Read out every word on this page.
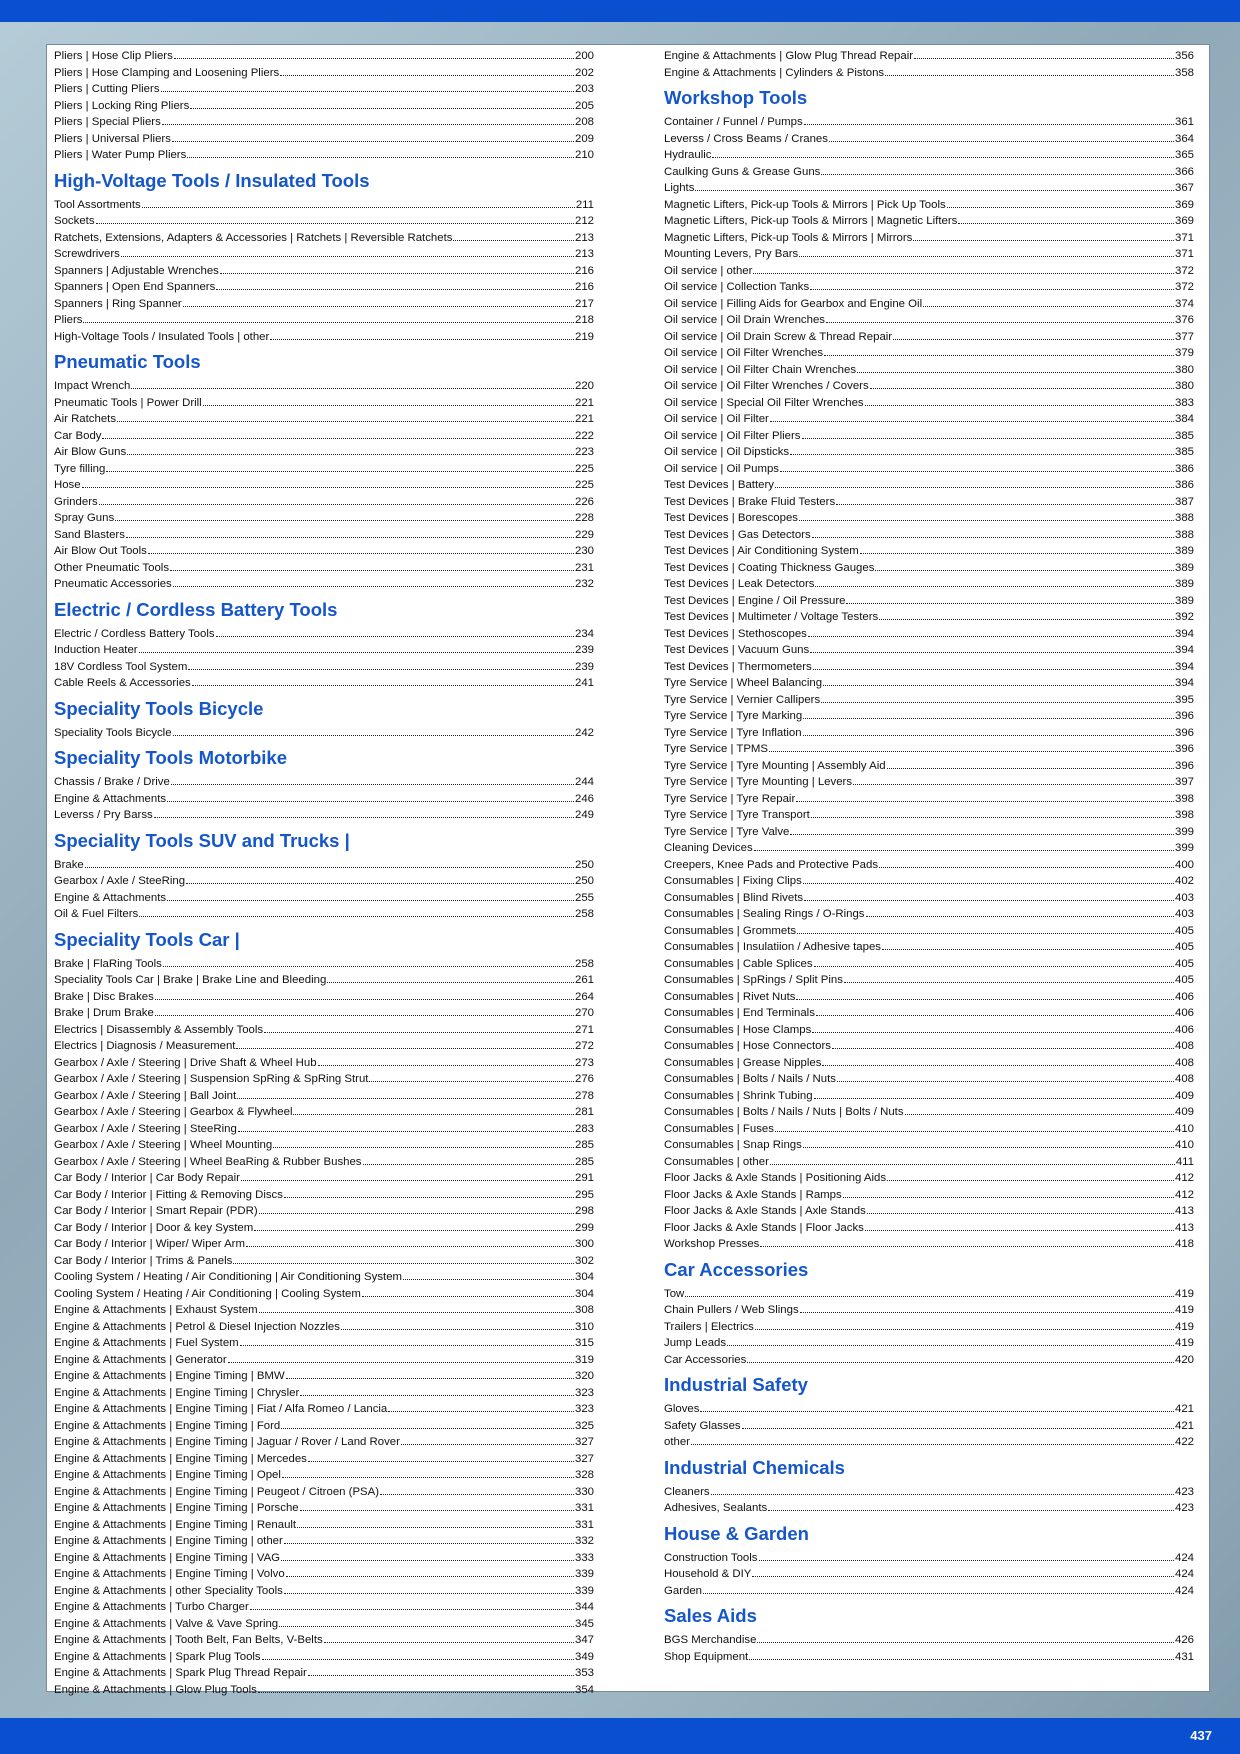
Pliers | Hose Clip Pliers	200
Pliers | Hose Clamping and Loosening Pliers	202
Pliers | Cutting Pliers	203
Pliers | Locking Ring Pliers	205
Pliers | Special Pliers	208
Pliers | Universal Pliers	209
Pliers | Water Pump Pliers	210
High-Voltage Tools / Insulated Tools
Tool Assortments	211
Sockets	212
Ratchets, Extensions, Adapters & Accessories | Ratchets | Reversible Ratchets	213
Screwdrivers	213
Spanners | Adjustable Wrenches	216
Spanners | Open End Spanners	216
Spanners | Ring Spanner	217
Pliers	218
High-Voltage Tools / Insulated Tools | other	219
Pneumatic Tools
Impact Wrench	220
Pneumatic Tools | Power Drill	221
Air Ratchets	221
Car Body	222
Air Blow Guns	223
Tyre filling	225
Hose	225
Grinders	226
Spray Guns	228
Sand Blasters	229
Air Blow Out Tools	230
Other Pneumatic Tools	231
Pneumatic Accessories	232
Electric / Cordless Battery Tools
Electric / Cordless Battery Tools	234
Induction Heater	239
18V Cordless Tool System	239
Cable Reels & Accessories	241
Speciality Tools Bicycle
Speciality Tools Bicycle	242
Speciality Tools Motorbike
Chassis / Brake / Drive	244
Engine & Attachments	246
Leverss / Pry Barss	249
Speciality Tools SUV and Trucks |
Brake	250
Gearbox / Axle / SteeRing	250
Engine & Attachments	255
Oil & Fuel Filters	258
Speciality Tools Car |
Brake | FlaRing Tools	258
Speciality Tools Car | Brake | Brake Line and Bleeding	261
Brake | Disc Brakes	264
Brake | Drum Brake	270
Electrics | Disassembly & Assembly Tools	271
Electrics | Diagnosis / Measurement	272
Gearbox / Axle / Steering | Drive Shaft & Wheel Hub	273
Gearbox / Axle / Steering | Suspension SpRing & SpRing Strut	276
Gearbox / Axle / Steering | Ball Joint	278
Gearbox / Axle / Steering | Gearbox & Flywheel	281
Gearbox / Axle / Steering | SteeRing	283
Gearbox / Axle / Steering | Wheel Mounting	285
Gearbox / Axle / Steering | Wheel BeaRing & Rubber Bushes	285
Car Body / Interior | Car Body Repair	291
Car Body / Interior | Fitting & Removing Discs	295
Car Body / Interior | Smart Repair (PDR)	298
Car Body / Interior | Door & key System	299
Car Body / Interior | Wiper/ Wiper Arm	300
Car Body / Interior | Trims & Panels	302
Cooling System / Heating / Air Conditioning | Air Conditioning System	304
Cooling System / Heating / Air Conditioning | Cooling System	304
Engine & Attachments | Exhaust System	308
Engine & Attachments | Petrol & Diesel Injection Nozzles	310
Engine & Attachments | Fuel System	315
Engine & Attachments | Generator	319
Engine & Attachments | Engine Timing | BMW	320
Engine & Attachments | Engine Timing | Chrysler	323
Engine & Attachments | Engine Timing | Fiat / Alfa Romeo / Lancia	323
Engine & Attachments | Engine Timing | Ford	325
Engine & Attachments | Engine Timing | Jaguar / Rover / Land Rover	327
Engine & Attachments | Engine Timing | Mercedes	327
Engine & Attachments | Engine Timing | Opel	328
Engine & Attachments | Engine Timing | Peugeot / Citroen (PSA)	330
Engine & Attachments | Engine Timing | Porsche	331
Engine & Attachments | Engine Timing | Renault	331
Engine & Attachments | Engine Timing | other	332
Engine & Attachments | Engine Timing | VAG	333
Engine & Attachments | Engine Timing | Volvo	339
Engine & Attachments | other Speciality Tools	339
Engine & Attachments | Turbo Charger	344
Engine & Attachments | Valve & Vave Spring	345
Engine & Attachments | Tooth Belt, Fan Belts, V-Belts	347
Engine & Attachments | Spark Plug Tools	349
Engine & Attachments | Spark Plug Thread Repair	353
Engine & Attachments | Glow Plug Tools	354
Engine & Attachments | Glow Plug Thread Repair	356
Engine & Attachments | Cylinders & Pistons	358
Workshop Tools
Container / Funnel / Pumps	361
Leverss / Cross Beams / Cranes	364
Hydraulic	365
Caulking Guns & Grease Guns	366
Lights	367
Magnetic Lifters, Pick-up Tools & Mirrors | Pick Up Tools	369
Magnetic Lifters, Pick-up Tools & Mirrors | Magnetic Lifters	369
Magnetic Lifters, Pick-up Tools & Mirrors | Mirrors	371
Mounting Levers, Pry Bars	371
Oil service | other	372
Oil service | Collection Tanks	372
Oil service | Filling Aids for Gearbox and Engine Oil	374
Oil service | Oil Drain Wrenches	376
Oil service | Oil Drain Screw & Thread Repair	377
Oil service | Oil Filter Wrenches	379
Oil service | Oil Filter Chain Wrenches	380
Oil service | Oil Filter Wrenches / Covers	380
Oil service | Special Oil Filter Wrenches	383
Oil service | Oil Filter	384
Oil service | Oil Filter Pliers	385
Oil service | Oil Dipsticks	385
Oil service | Oil Pumps	386
Test Devices | Battery	386
Test Devices | Brake Fluid Testers	387
Test Devices | Borescopes	388
Test Devices | Gas Detectors	388
Test Devices | Air Conditioning System	389
Test Devices | Coating Thickness Gauges	389
Test Devices | Leak Detectors	389
Test Devices | Engine / Oil Pressure	389
Test Devices | Multimeter / Voltage Testers	392
Test Devices | Stethoscopes	394
Test Devices | Vacuum Guns	394
Test Devices | Thermometers	394
Tyre Service | Wheel Balancing	394
Tyre Service | Vernier Callipers	395
Tyre Service | Tyre Marking	396
Tyre Service | Tyre Inflation	396
Tyre Service | TPMS	396
Tyre Service | Tyre Mounting | Assembly Aid	396
Tyre Service | Tyre Mounting | Levers	397
Tyre Service | Tyre Repair	398
Tyre Service | Tyre Transport	398
Tyre Service | Tyre Valve	399
Cleaning Devices	399
Creepers, Knee Pads and Protective Pads	400
Consumables | Fixing Clips	402
Consumables | Blind Rivets	403
Consumables | Sealing Rings / O-Rings	403
Consumables | Grommets	405
Consumables | Insulatiion / Adhesive tapes	405
Consumables | Cable Splices	405
Consumables | SpRings / Split Pins	405
Consumables | Rivet Nuts	406
Consumables | End Terminals	406
Consumables | Hose Clamps	406
Consumables | Hose Connectors	408
Consumables | Grease Nipples	408
Consumables | Bolts / Nails / Nuts	408
Consumables | Shrink Tubing	409
Consumables | Bolts / Nails / Nuts | Bolts / Nuts	409
Consumables | Fuses	410
Consumables | Snap Rings	410
Consumables | other	411
Floor Jacks & Axle Stands | Positioning Aids	412
Floor Jacks & Axle Stands | Ramps	412
Floor Jacks & Axle Stands | Axle Stands	413
Floor Jacks & Axle Stands | Floor Jacks	413
Workshop Presses	418
Car Accessories
Tow	419
Chain Pullers / Web Slings	419
Trailers | Electrics	419
Jump Leads	419
Car Accessories	420
Industrial Safety
Gloves	421
Safety Glasses	421
other	422
Industrial Chemicals
Cleaners	423
Adhesives, Sealants	423
House & Garden
Construction Tools	424
Household & DIY	424
Garden	424
Sales Aids
BGS Merchandise	426
Shop Equipment	431
437
